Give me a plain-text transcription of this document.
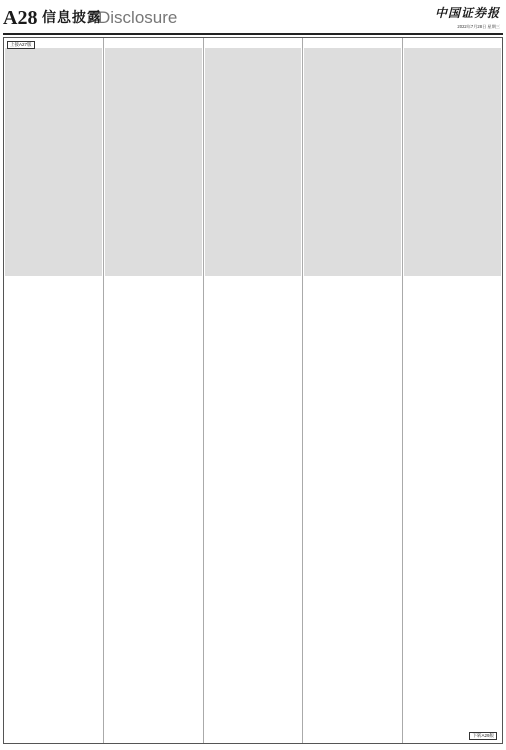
A28 信息披露
Disclosure	中国证券报
2022年7月28日 星期三
上接A27版
下转A29版
